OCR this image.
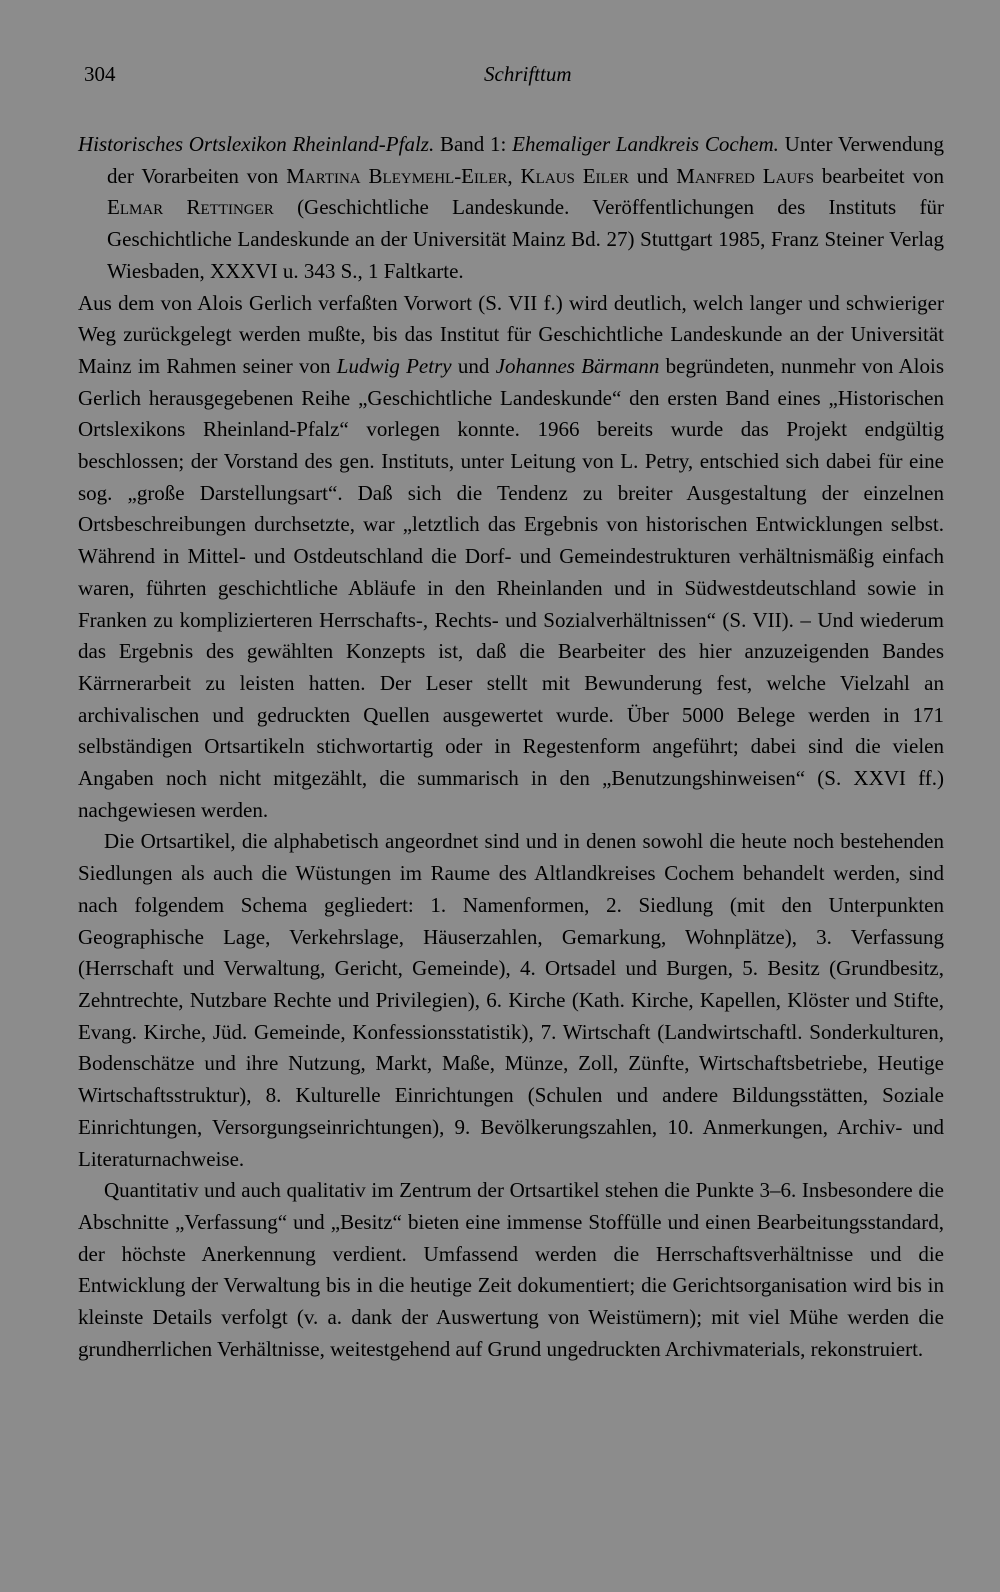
304	Schrifttum

Historisches Ortslexikon Rheinland-Pfalz. Band 1: Ehemaliger Landkreis Cochem. Unter Verwendung der Vorarbeiten von Martina Bleymehl-Eiler, Klaus Eiler und Manfred Laufs bearbeitet von Elmar Rettinger (Geschichtliche Landeskunde. Veröffentlichungen des Instituts für Geschichtliche Landeskunde an der Universität Mainz Bd. 27) Stuttgart 1985, Franz Steiner Verlag Wiesbaden, XXXVI u. 343 S., 1 Faltkarte.

Aus dem von Alois Gerlich verfaßten Vorwort (S. VII f.) wird deutlich, welch langer und schwieriger Weg zurückgelegt werden mußte, bis das Institut für Geschichtliche Landeskunde an der Universität Mainz im Rahmen seiner von Ludwig Petry und Johannes Bärmann begründeten, nunmehr von Alois Gerlich herausgegebenen Reihe „Geschichtliche Landeskunde“ den ersten Band eines „Historischen Ortslexikons Rheinland-Pfalz“ vorlegen konnte. 1966 bereits wurde das Projekt endgültig beschlossen; der Vorstand des gen. Instituts, unter Leitung von L. Petry, entschied sich dabei für eine sog. „große Darstellungsart“. Daß sich die Tendenz zu breiter Ausgestaltung der einzelnen Ortsbeschreibungen durchsetzte, war „letztlich das Ergebnis von historischen Entwicklungen selbst. Während in Mittel- und Ostdeutschland die Dorf- und Gemeindestrukturen verhältnismäßig einfach waren, führten geschichtliche Abläufe in den Rheinlanden und in Südwestdeutschland sowie in Franken zu komplizierteren Herrschafts-, Rechts- und Sozialverhältnissen“ (S. VII). – Und wiederum das Ergebnis des gewählten Konzepts ist, daß die Bearbeiter des hier anzuzeigenden Bandes Kärrnerarbeit zu leisten hatten. Der Leser stellt mit Bewunderung fest, welche Vielzahl an archivalischen und gedruckten Quellen ausgewertet wurde. Über 5000 Belege werden in 171 selbständigen Ortsartikeln stichwortartig oder in Regestenform angeführt; dabei sind die vielen Angaben noch nicht mitgezählt, die summarisch in den „Benutzungshinweisen“ (S. XXVI ff.) nachgewiesen werden.

Die Ortsartikel, die alphabetisch angeordnet sind und in denen sowohl die heute noch bestehenden Siedlungen als auch die Wüstungen im Raume des Altlandkreises Cochem behandelt werden, sind nach folgendem Schema gegliedert: 1. Namenformen, 2. Siedlung (mit den Unterpunkten Geographische Lage, Verkehrslage, Häuserzahlen, Gemarkung, Wohnplätze), 3. Verfassung (Herrschaft und Verwaltung, Gericht, Gemeinde), 4. Ortsadel und Burgen, 5. Besitz (Grundbesitz, Zehntrechte, Nutzbare Rechte und Privilegien), 6. Kirche (Kath. Kirche, Kapellen, Klöster und Stifte, Evang. Kirche, Jüd. Gemeinde, Konfessionsstatistik), 7. Wirtschaft (Landwirtschaftl. Sonderkulturen, Bodenschätze und ihre Nutzung, Markt, Maße, Münze, Zoll, Zünfte, Wirtschaftsbetriebe, Heutige Wirtschaftsstruktur), 8. Kulturelle Einrichtungen (Schulen und andere Bildungsstätten, Soziale Einrichtungen, Versorgungseinrichtungen), 9. Bevölkerungszahlen, 10. Anmerkungen, Archiv- und Literaturnachweise.

Quantitativ und auch qualitativ im Zentrum der Ortsartikel stehen die Punkte 3–6. Insbesondere die Abschnitte „Verfassung“ und „Besitz“ bieten eine immense Stoffülle und einen Bearbeitungsstandard, der höchste Anerkennung verdient. Umfassend werden die Herrschaftsverhältnisse und die Entwicklung der Verwaltung bis in die heutige Zeit dokumentiert; die Gerichtsorganisation wird bis in kleinste Details verfolgt (v. a. dank der Auswertung von Weistümern); mit viel Mühe werden die grundherrlichen Verhältnisse, weitestgehend auf Grund ungedruckten Archivmaterials, rekonstruiert.
